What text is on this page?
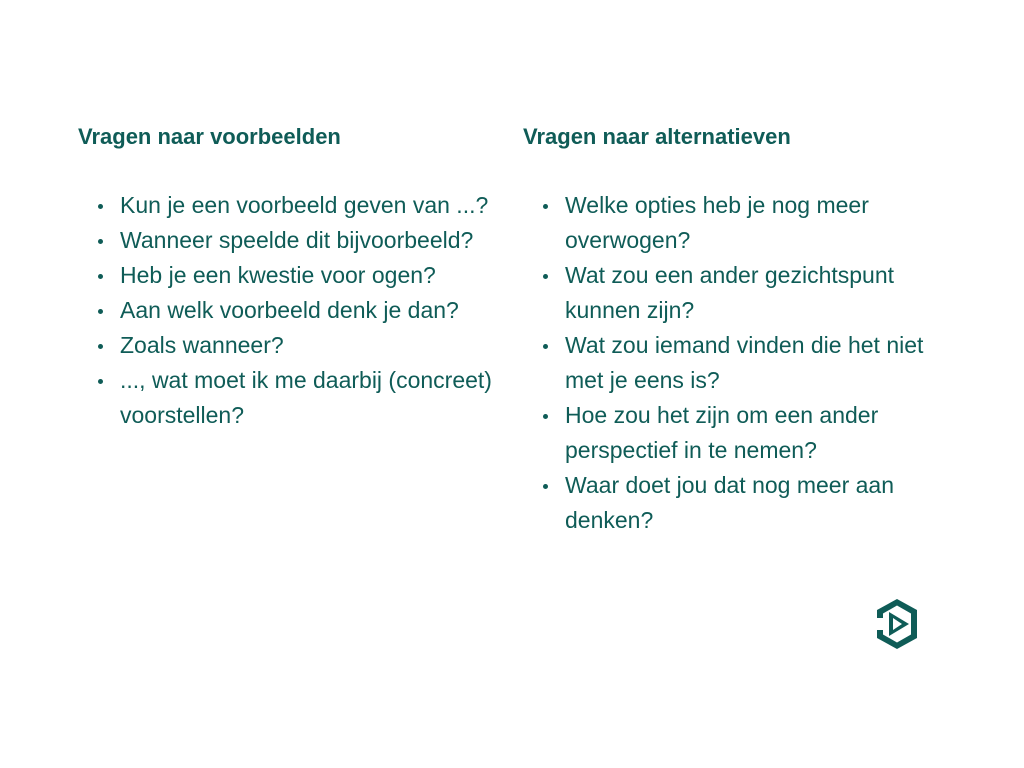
Vragen naar voorbeelden
Kun je een voorbeeld geven van ...?
Wanneer speelde dit bijvoorbeeld?
Heb je een kwestie voor ogen?
Aan welk voorbeeld denk je dan?
Zoals wanneer?
..., wat moet ik me daarbij (concreet) voorstellen?
Vragen naar alternatieven
Welke opties heb je nog meer overwogen?
Wat zou een ander gezichtspunt kunnen zijn?
Wat zou iemand vinden die het niet met je eens is?
Hoe zou het zijn om een ander perspectief in te nemen?
Waar doet jou dat nog meer aan denken?
